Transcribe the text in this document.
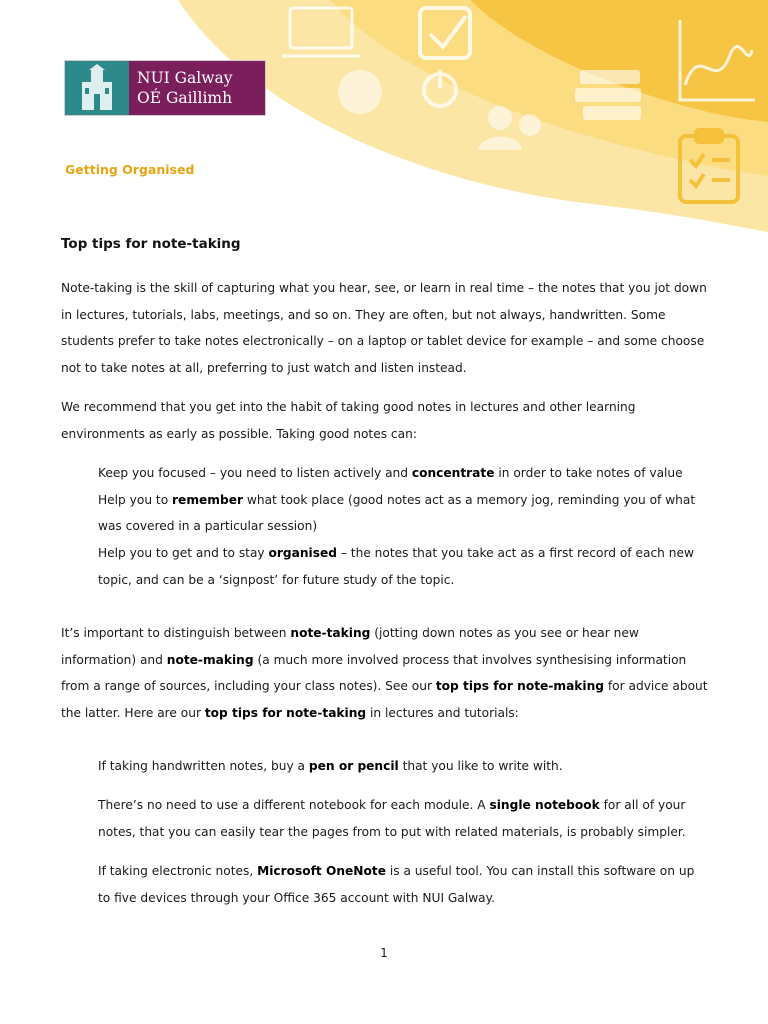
NUI Galway
OÉ Gaillimh

Getting Organised

Top tips for note-taking

Note-taking is the skill of capturing what you hear, see, or learn in real time – the notes that you jot down in lectures, tutorials, labs, meetings, and so on. They are often, but not always, handwritten. Some students prefer to take notes electronically – on a laptop or tablet device for example – and some choose not to take notes at all, preferring to just watch and listen instead.

We recommend that you get into the habit of taking good notes in lectures and other learning environments as early as possible. Taking good notes can:

Keep you focused – you need to listen actively and concentrate in order to take notes of value
Help you to remember what took place (good notes act as a memory jog, reminding you of what was covered in a particular session)
Help you to get and to stay organised – the notes that you take act as a first record of each new topic, and can be a ‘signpost’ for future study of the topic.

It’s important to distinguish between note-taking (jotting down notes as you see or hear new information) and note-making (a much more involved process that involves synthesising information from a range of sources, including your class notes). See our top tips for note-making for advice about the latter. Here are our top tips for note-taking in lectures and tutorials:

If taking handwritten notes, buy a pen or pencil that you like to write with.

There’s no need to use a different notebook for each module. A single notebook for all of your notes, that you can easily tear the pages from to put with related materials, is probably simpler.

If taking electronic notes, Microsoft OneNote is a useful tool. You can install this software on up to five devices through your Office 365 account with NUI Galway.

1
